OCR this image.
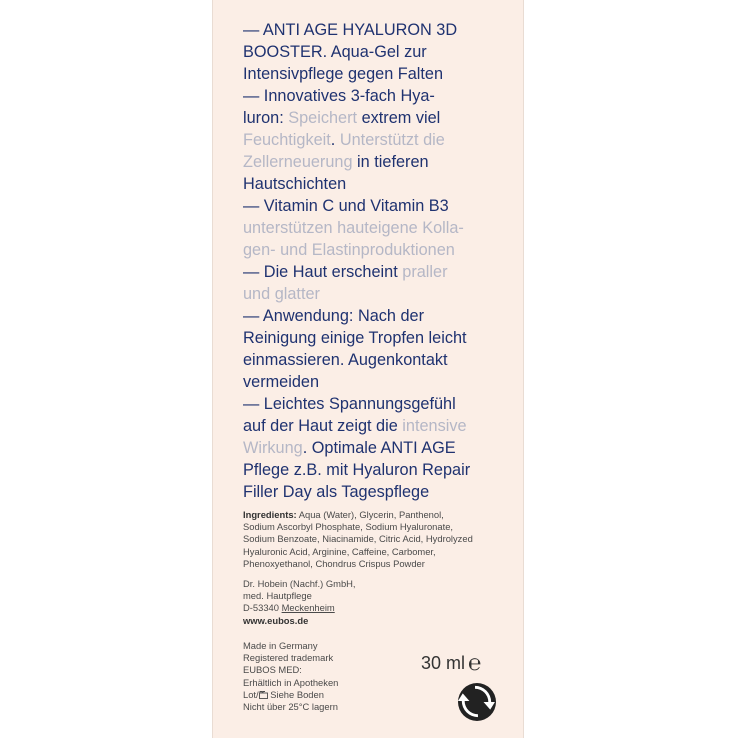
— ANTI AGE HYALURON 3D
BOOSTER. Aqua-Gel zur
Intensivpflege gegen Falten
— Innovatives 3-fach Hya-
luron: Speichert extrem viel
Feuchtigkeit. Unterstützt die
Zellerneuerung in tieferen
Hautschichten
— Vitamin C und Vitamin B3
unterstützen hauteigene Kolla-
gen- und Elastinproduktionen
— Die Haut erscheint praller
und glatter
— Anwendung: Nach der
Reinigung einige Tropfen leicht
einmassieren. Augenkontakt
vermeiden
— Leichtes Spannungsgefühl
auf der Haut zeigt die intensive
Wirkung. Optimale ANTI AGE
Pflege z.B. mit Hyaluron Repair
Filler Day als Tagespflege
Ingredients: Aqua (Water), Glycerin, Panthenol,
Sodium Ascorbyl Phosphate, Sodium Hyaluronate,
Sodium Benzoate, Niacinamide, Citric Acid, Hydrolyzed
Hyaluronic Acid, Arginine, Caffeine, Carbomer,
Phenoxyethanol, Chondrus Crispus Powder
Dr. Hobein (Nachf.) GmbH,
med. Hautpflege
D-53340 Meckenheim
www.eubos.de
Made in Germany
Registered trademark
EUBOS MED:
Erhältlich in Apotheken
Lot/ Siehe Boden
Nicht über 25°C lagern
30 ml ℮
